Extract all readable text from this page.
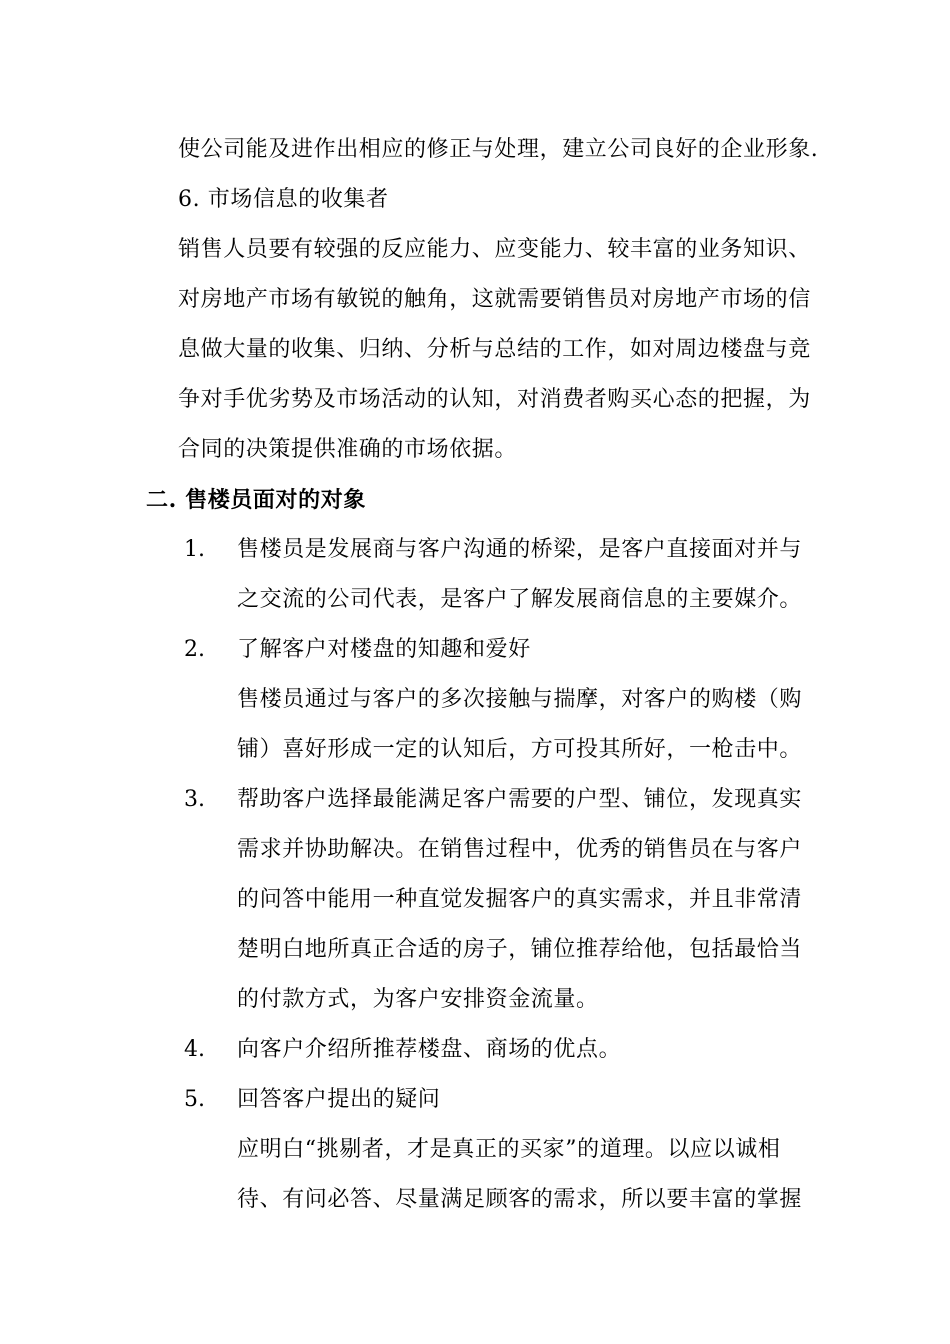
使公司能及进作出相应的修正与处理，建立公司良好的企业形象.
6. 市场信息的收集者
销售人员要有较强的反应能力、应变能力、较丰富的业务知识、
对房地产市场有敏锐的触角，这就需要销售员对房地产市场的信
息做大量的收集、归纳、分析与总结的工作，如对周边楼盘与竞
争对手优劣势及市场活动的认知，对消费者购买心态的把握，为
合同的决策提供准确的市场依据。
二. 售楼员面对的对象
1. 售楼员是发展商与客户沟通的桥梁，是客户直接面对并与
之交流的公司代表，是客户了解发展商信息的主要媒介。
2. 了解客户对楼盘的知趣和爱好
售楼员通过与客户的多次接触与揣摩，对客户的购楼（购
铺）喜好形成一定的认知后，方可投其所好，一枪击中。
3. 帮助客户选择最能满足客户需要的户型、铺位，发现真实
需求并协助解决。在销售过程中，优秀的销售员在与客户
的问答中能用一种直觉发掘客户的真实需求，并且非常清
楚明白地所真正合适的房子，铺位推荐给他，包括最恰当
的付款方式，为客户安排资金流量。
4. 向客户介绍所推荐楼盘、商场的优点。
5. 回答客户提出的疑问
应明白“挑剔者，才是真正的买家”的道理。以应以诚相
待、有问必答、尽量满足顾客的需求，所以要丰富的掌握
